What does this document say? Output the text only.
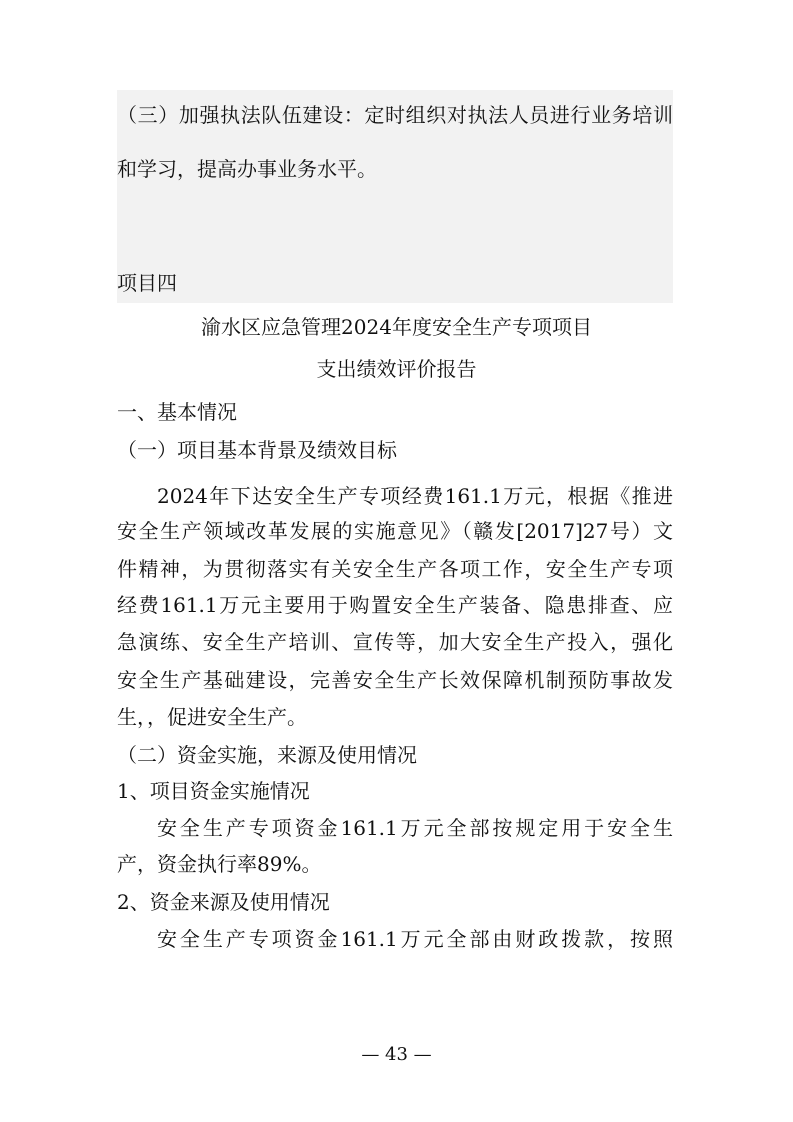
（三）加强执法队伍建设：定时组织对执法人员进行业务培训

和学习，提高办事业务水平。

项目四

渝水区应急管理2024年度安全生产专项项目
支出绩效评价报告
一、基本情况
（一）项目基本背景及绩效目标

2024年下达安全生产专项经费161.1万元，根据《推进

安全生产领域改革发展的实施意见》（赣发[2017]27号）文

件精神，为贯彻落实有关安全生产各项工作，安全生产专项

经费161.1万元主要用于购置安全生产装备、隐患排查、应

急演练、安全生产培训、宣传等，加大安全生产投入，强化

安全生产基础建设，完善安全生产长效保障机制预防事故发

生，，促进安全生产。

（二）资金实施，来源及使用情况

1、项目资金实施情况

安全生产专项资金161.1万元全部按规定用于安全生

产，资金执行率89%。

2、资金来源及使用情况

安全生产专项资金161.1万元全部由财政拨款，按照

— 43 —
